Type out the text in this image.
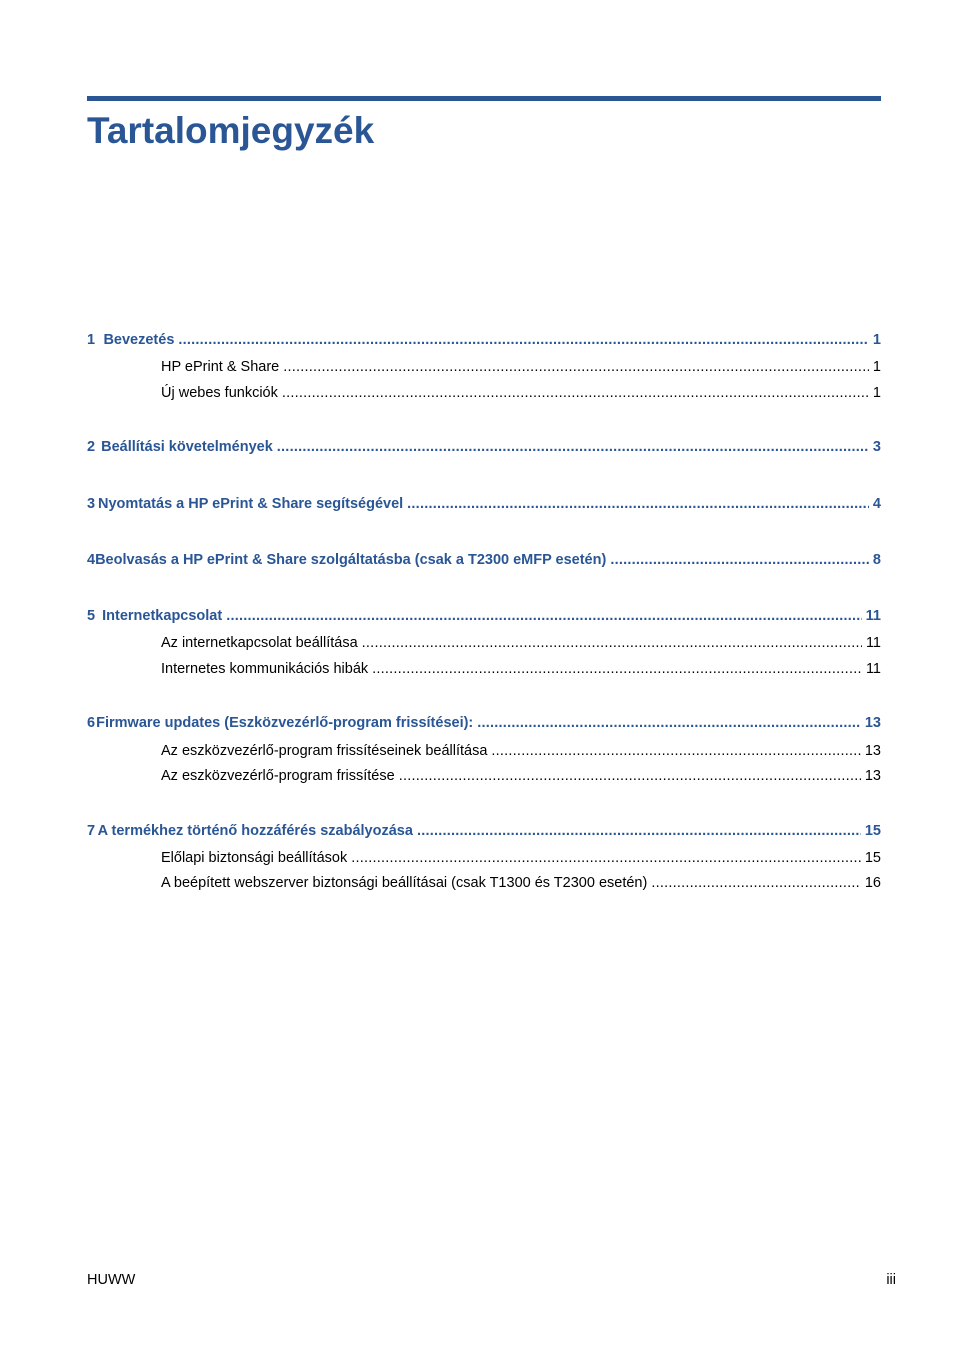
Tartalomjegyzék
1 Bevezetés . . .	1
HP ePrint & Share . . .	1
Új webes funkciók . . .	1
2 Beállítási követelmények . . .	3
3 Nyomtatás a HP ePrint & Share segítségével . . .	4
4 Beolvasás a HP ePrint & Share szolgáltatásba (csak a T2300 eMFP esetén) . . .	8
5 Internetkapcsolat . . .	11
Az internetkapcsolat beállítása . . .	11
Internetes kommunikációs hibák . . .	11
6 Firmware updates (Eszközvezérlő-program frissítései): . . .	13
Az eszközvezérlő-program frissítéseinek beállítása . . .	13
Az eszközvezérlő-program frissítése . . .	13
7 A termékhez történő hozzáférés szabályozása . . .	15
Előlapi biztonsági beállítások . . .	15
A beépített webszerver biztonsági beállításai (csak T1300 és T2300 esetén) . . .	16
HUWW	iii
